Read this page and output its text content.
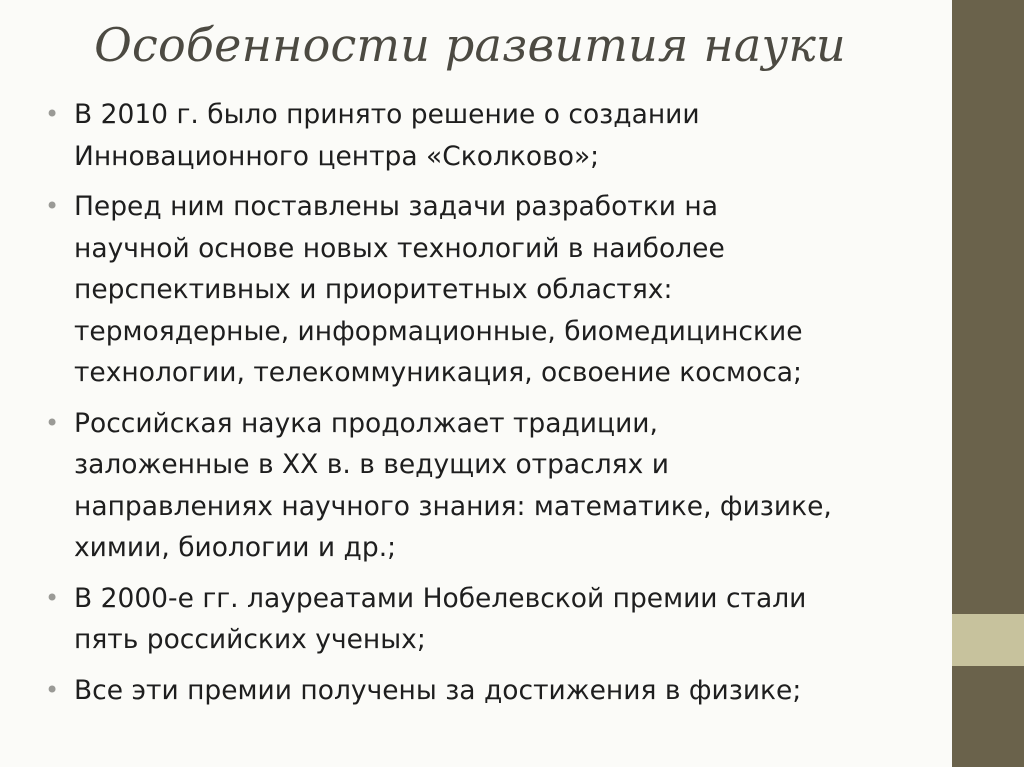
Особенности развития науки
• В 2010 г. было принято решение о создании
Инновационного центра «Сколково»;
• Перед ним поставлены задачи разработки на
научной основе новых технологий в наиболее
перспективных и приоритетных областях:
термоядерные, информационные, биомедицинские
технологии, телекоммуникация, освоение космоса;
• Российская наука продолжает традиции,
заложенные в XX в. в ведущих отраслях и
направлениях научного знания: математике, физике,
химии, биологии и др.;
• В 2000-е гг. лауреатами Нобелевской премии стали
пять российских ученых;
• Все эти премии получены за достижения в физике;
